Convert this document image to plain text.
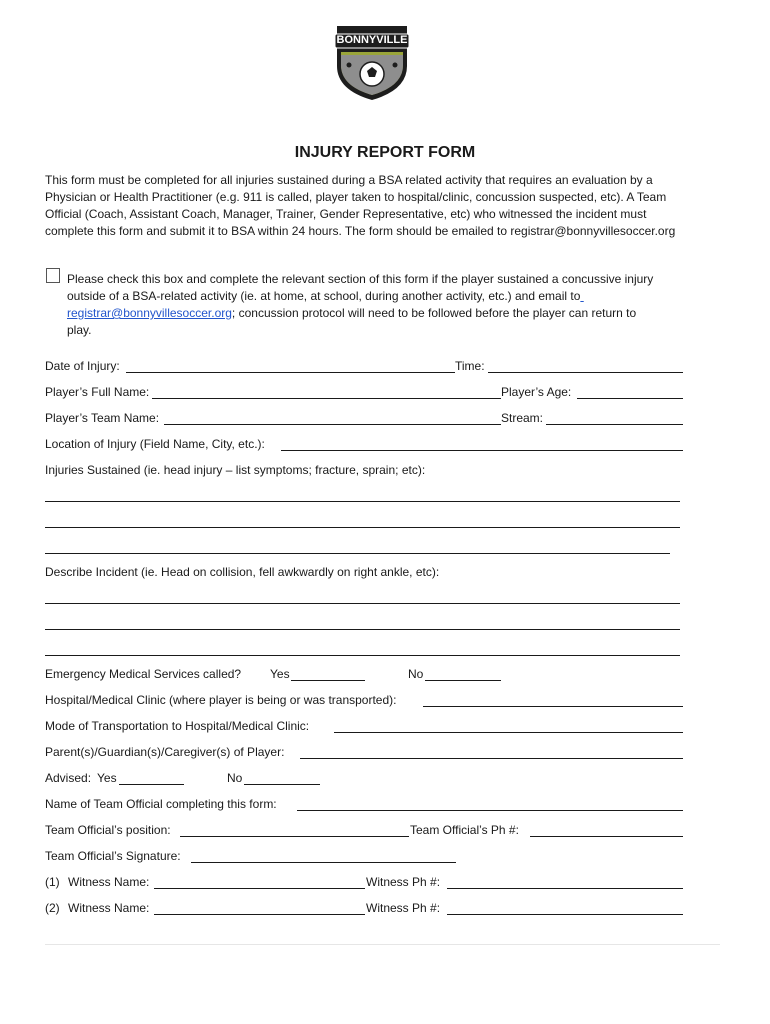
BONNYVILLE
INJURY REPORT FORM

This form must be completed for all injuries sustained during a BSA related activity that requires an evaluation by a

Physician or Health Practitioner (e.g. 911 is called, player taken to hospital/clinic, concussion suspected, etc). A Team

Official (Coach, Assistant Coach, Manager, Trainer, Gender Representative, etc) who witnessed the incident must

complete this form and submit it to BSA within 24 hours. The form should be emailed to registrar@bonnyvillesoccer.org

Please check this box and complete the relevant section of this form if the player sustained a concussive injury
outside of a BSA-related activity (ie. at home, at school, during another activity, etc.) and email to
registrar@bonnyvillesoccer.org; concussion protocol will need to be followed before the player can return to
play.
Date of Injury:	Time:
Player’s Full Name:	Player’s Age:
Player’s Team Name:	Stream:
Location of Injury (Field Name, City, etc.):
Injuries Sustained (ie. head injury – list symptoms; fracture, sprain; etc):
Describe Incident (ie. Head on collision, fell awkwardly on right ankle, etc):
Emergency Medical Services called? Yes	No
Hospital/Medical Clinic (where player is being or was transported):
Mode of Transportation to Hospital/Medical Clinic:
Parent(s)/Guardian(s)/Caregiver(s) of Player:
Advised: Yes	No
Name of Team Official completing this form:
Team Official’s position:	Team Official’s Ph #:
Team Official’s Signature:
(1) Witness Name:	Witness Ph #:
(2) Witness Name:	Witness Ph #:
